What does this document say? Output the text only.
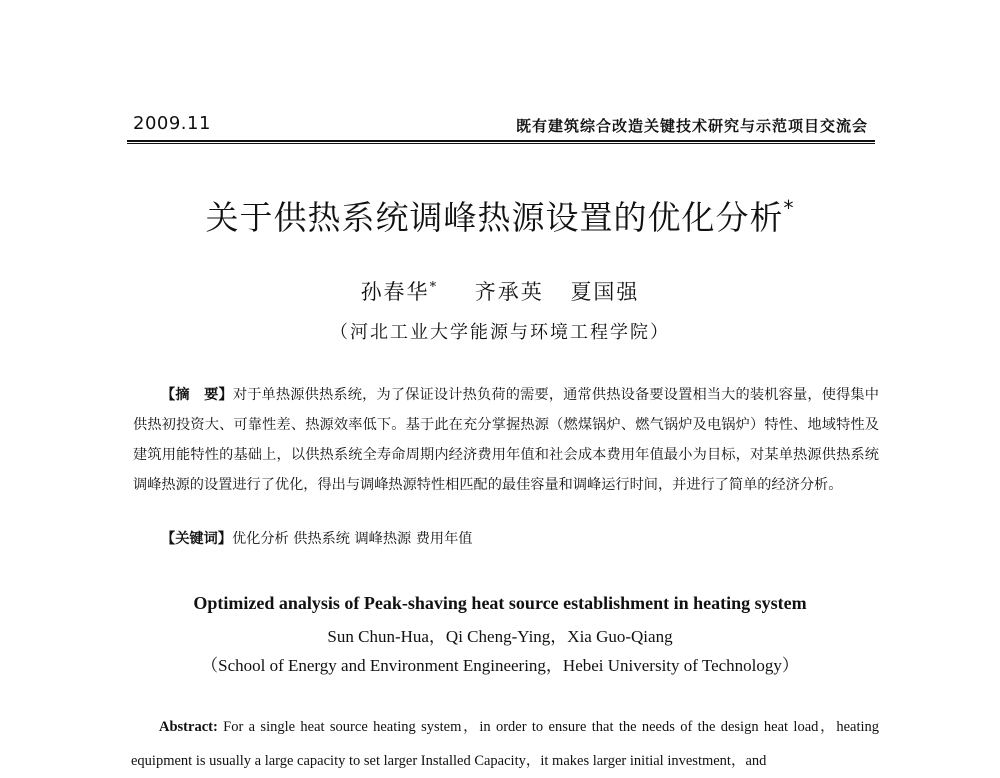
2009.11	既有建筑综合改造关键技术研究与示范项目交流会
关于供热系统调峰热源设置的优化分析*
孙春华* 齐承英 夏国强
（河北工业大学能源与环境工程学院）
【摘　要】对于单热源供热系统，为了保证设计热负荷的需要，通常供热设备要设置相当大的装机容量，使得集中供热初投资大、可靠性差、热源效率低下。基于此在充分掌握热源（燃煤锅炉、燃气锅炉及电锅炉）特性、地域特性及建筑用能特性的基础上，以供热系统全寿命周期内经济费用年值和社会成本费用年值最小为目标，对某单热源供热系统调峰热源的设置进行了优化，得出与调峰热源特性相匹配的最佳容量和调峰运行时间，并进行了简单的经济分析。
【关键词】优化分析 供热系统 调峰热源 费用年值
Optimized analysis of Peak-shaving heat source establishment in heating system
Sun Chun-Hua，Qi Cheng-Ying，Xia Guo-Qiang
（School of Energy and Environment Engineering，Hebei University of Technology）
Abstract: For a single heat source heating system，in order to ensure that the needs of the design heat load，heating equipment is usually a large capacity to set larger Installed Capacity，it makes larger initial investment，and
